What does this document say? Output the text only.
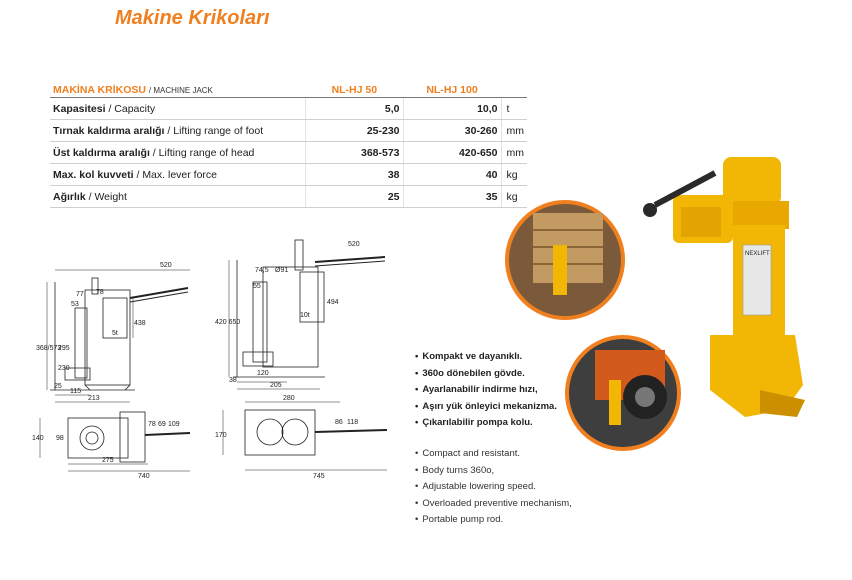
Makine Krikoları
MAKİNA KRİKOSU / MACHINE JACK	NL-HJ 50	NL-HJ 100	
Kapasitesi / Capacity	5,0	10,0	t
Tırnak kaldırma aralığı / Lifting range of foot	25-230	30-260	mm
Üst kaldırma aralığı / Lifting range of head	368-573	420-650	mm
Max. kol kuvveti / Max. lever force	38	40	kg
Ağırlık / Weight	25	35	kg
520
77
53
78
5t
438
368/573
295
230
25
115
213
140 98
78 69 109
275
740
520
74,5 Ø91
55
10t
494
420 650
38
120
205
280
170
86 118
745
• Kompakt ve dayanıklı.
• 360o dönebilen gövde.
• Ayarlanabilir indirme hızı,
• Aşırı yük önleyici mekanizma.
• Çıkarılabilir pompa kolu.
• Compact and resistant.
• Body turns 360o,
• Adjustable lowering speed.
• Overloaded preventive mechanism,
• Portable pump rod.
NEXLIFT
